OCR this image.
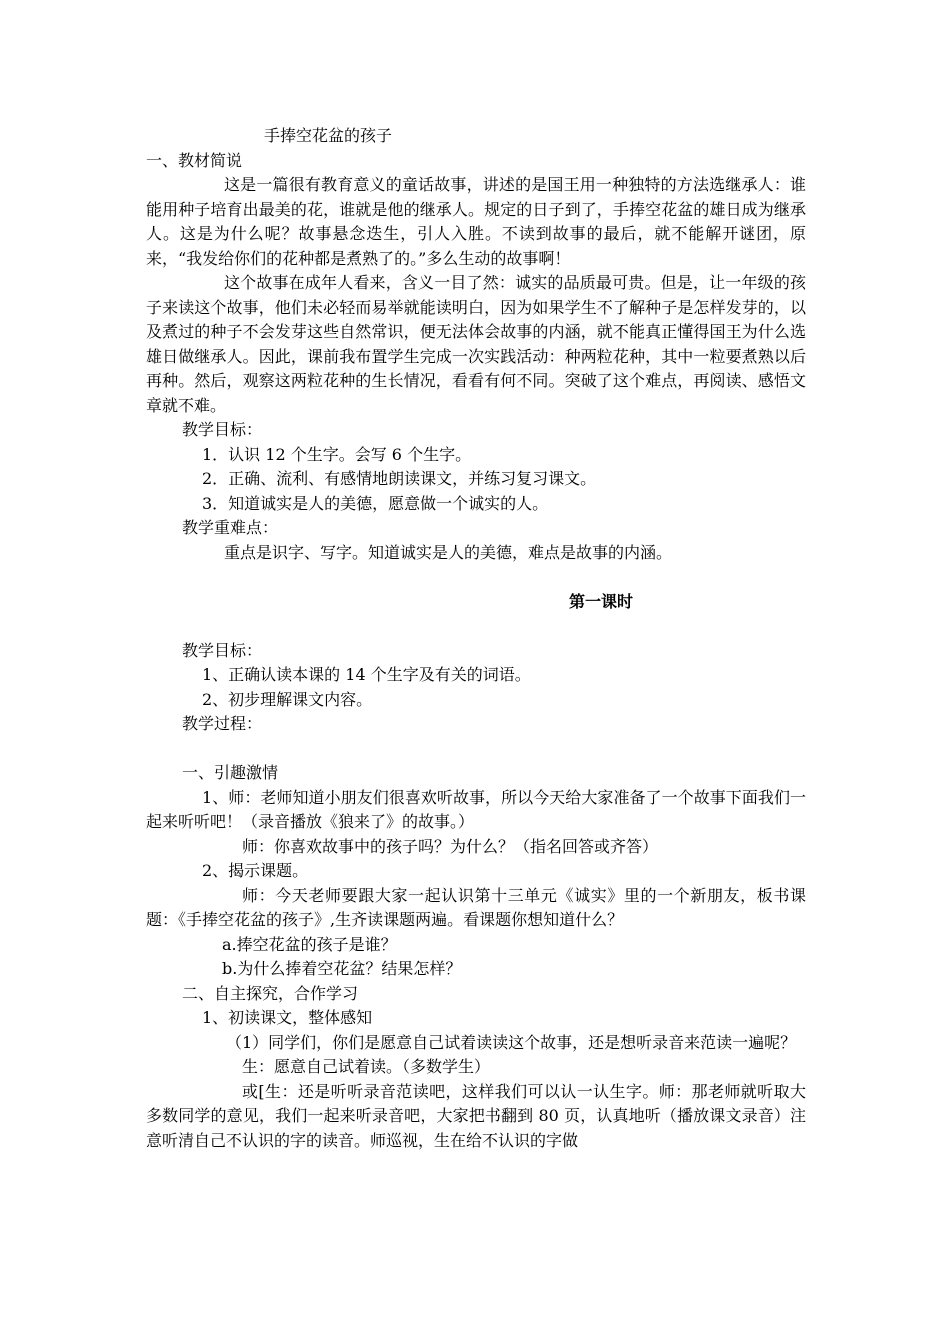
手捧空花盆的孩子
一、教材简说
这是一篇很有教育意义的童话故事，讲述的是国王用一种独特的方法选继承人：谁能用种子培育出最美的花，谁就是他的继承人。规定的日子到了，手捧空花盆的雄日成为继承人。这是为什么呢？故事悬念迭生，引人入胜。不读到故事的最后，就不能解开谜团，原来，“我发给你们的花种都是煮熟了的。”多么生动的故事啊！
这个故事在成年人看来，含义一目了然：诚实的品质最可贵。但是，让一年级的孩子来读这个故事，他们未必轻而易举就能读明白，因为如果学生不了解种子是怎样发芽的，以及煮过的种子不会发芽这些自然常识，便无法体会故事的内涵，就不能真正懂得国王为什么选雄日做继承人。因此，课前我布置学生完成一次实践活动：种两粒花种，其中一粒要煮熟以后再种。然后，观察这两粒花种的生长情况，看看有何不同。突破了这个难点，再阅读、感悟文章就不难。
教学目标：
1．认识 12 个生字。会写 6 个生字。
2．正确、流利、有感情地朗读课文，并练习复习课文。
3．知道诚实是人的美德，愿意做一个诚实的人。
教学重难点：
重点是识字、写字。知道诚实是人的美德，难点是故事的内涵。
第一课时
教学目标：
1、正确认读本课的 14 个生字及有关的词语。
2、初步理解课文内容。
教学过程：
一、引趣激情
1、师：老师知道小朋友们很喜欢听故事，所以今天给大家准备了一个故事下面我们一起来听听吧！（录音播放《狼来了》的故事。）
师：你喜欢故事中的孩子吗？为什么？（指名回答或齐答）
2、揭示课题。
师：今天老师要跟大家一起认识第十三单元《诚实》里的一个新朋友，板书课题：《手捧空花盆的孩子》,生齐读课题两遍。看课题你想知道什么？
a.捧空花盆的孩子是谁？
b.为什么捧着空花盆？结果怎样？
二、自主探究，合作学习
1、初读课文，整体感知
（1）同学们，你们是愿意自己试着读读这个故事，还是想听录音来范读一遍呢？
生：愿意自己试着读。（多数学生）
或[生：还是听听录音范读吧，这样我们可以认一认生字。师：那老师就听取大多数同学的意见，我们一起来听录音吧，大家把书翻到 80 页，认真地听（播放课文录音）注意听清自己不认识的字的读音。师巡视，生在给不认识的字做
